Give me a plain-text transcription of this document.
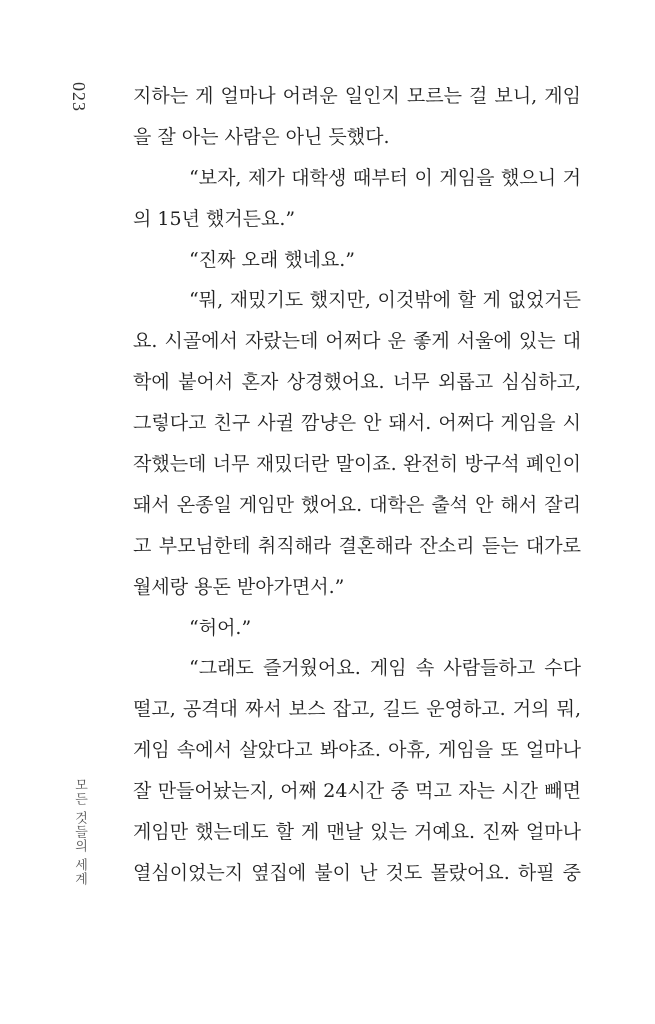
023
모든 것들의 세계
지하는 게 얼마나 어려운 일인지 모르는 걸 보니, 게임
을 잘 아는 사람은 아닌 듯했다.
“보자, 제가 대학생 때부터 이 게임을 했으니 거
의 15년 했거든요.”
“진짜 오래 했네요.”
“뭐, 재밌기도 했지만, 이것밖에 할 게 없었거든
요. 시골에서 자랐는데 어쩌다 운 좋게 서울에 있는 대
학에 붙어서 혼자 상경했어요. 너무 외롭고 심심하고,
그렇다고 친구 사귈 깜냥은 안 돼서. 어쩌다 게임을 시
작했는데 너무 재밌더란 말이죠. 완전히 방구석 폐인이
돼서 온종일 게임만 했어요. 대학은 출석 안 해서 잘리
고 부모님한테 취직해라 결혼해라 잔소리 듣는 대가로
월세랑 용돈 받아가면서.”
“허어.”
“그래도 즐거웠어요. 게임 속 사람들하고 수다
떨고, 공격대 짜서 보스 잡고, 길드 운영하고. 거의 뭐,
게임 속에서 살았다고 봐야죠. 아휴, 게임을 또 얼마나
잘 만들어놨는지, 어째 24시간 중 먹고 자는 시간 빼면
게임만 했는데도 할 게 맨날 있는 거예요. 진짜 얼마나
열심이었는지 옆집에 불이 난 것도 몰랐어요. 하필 중
